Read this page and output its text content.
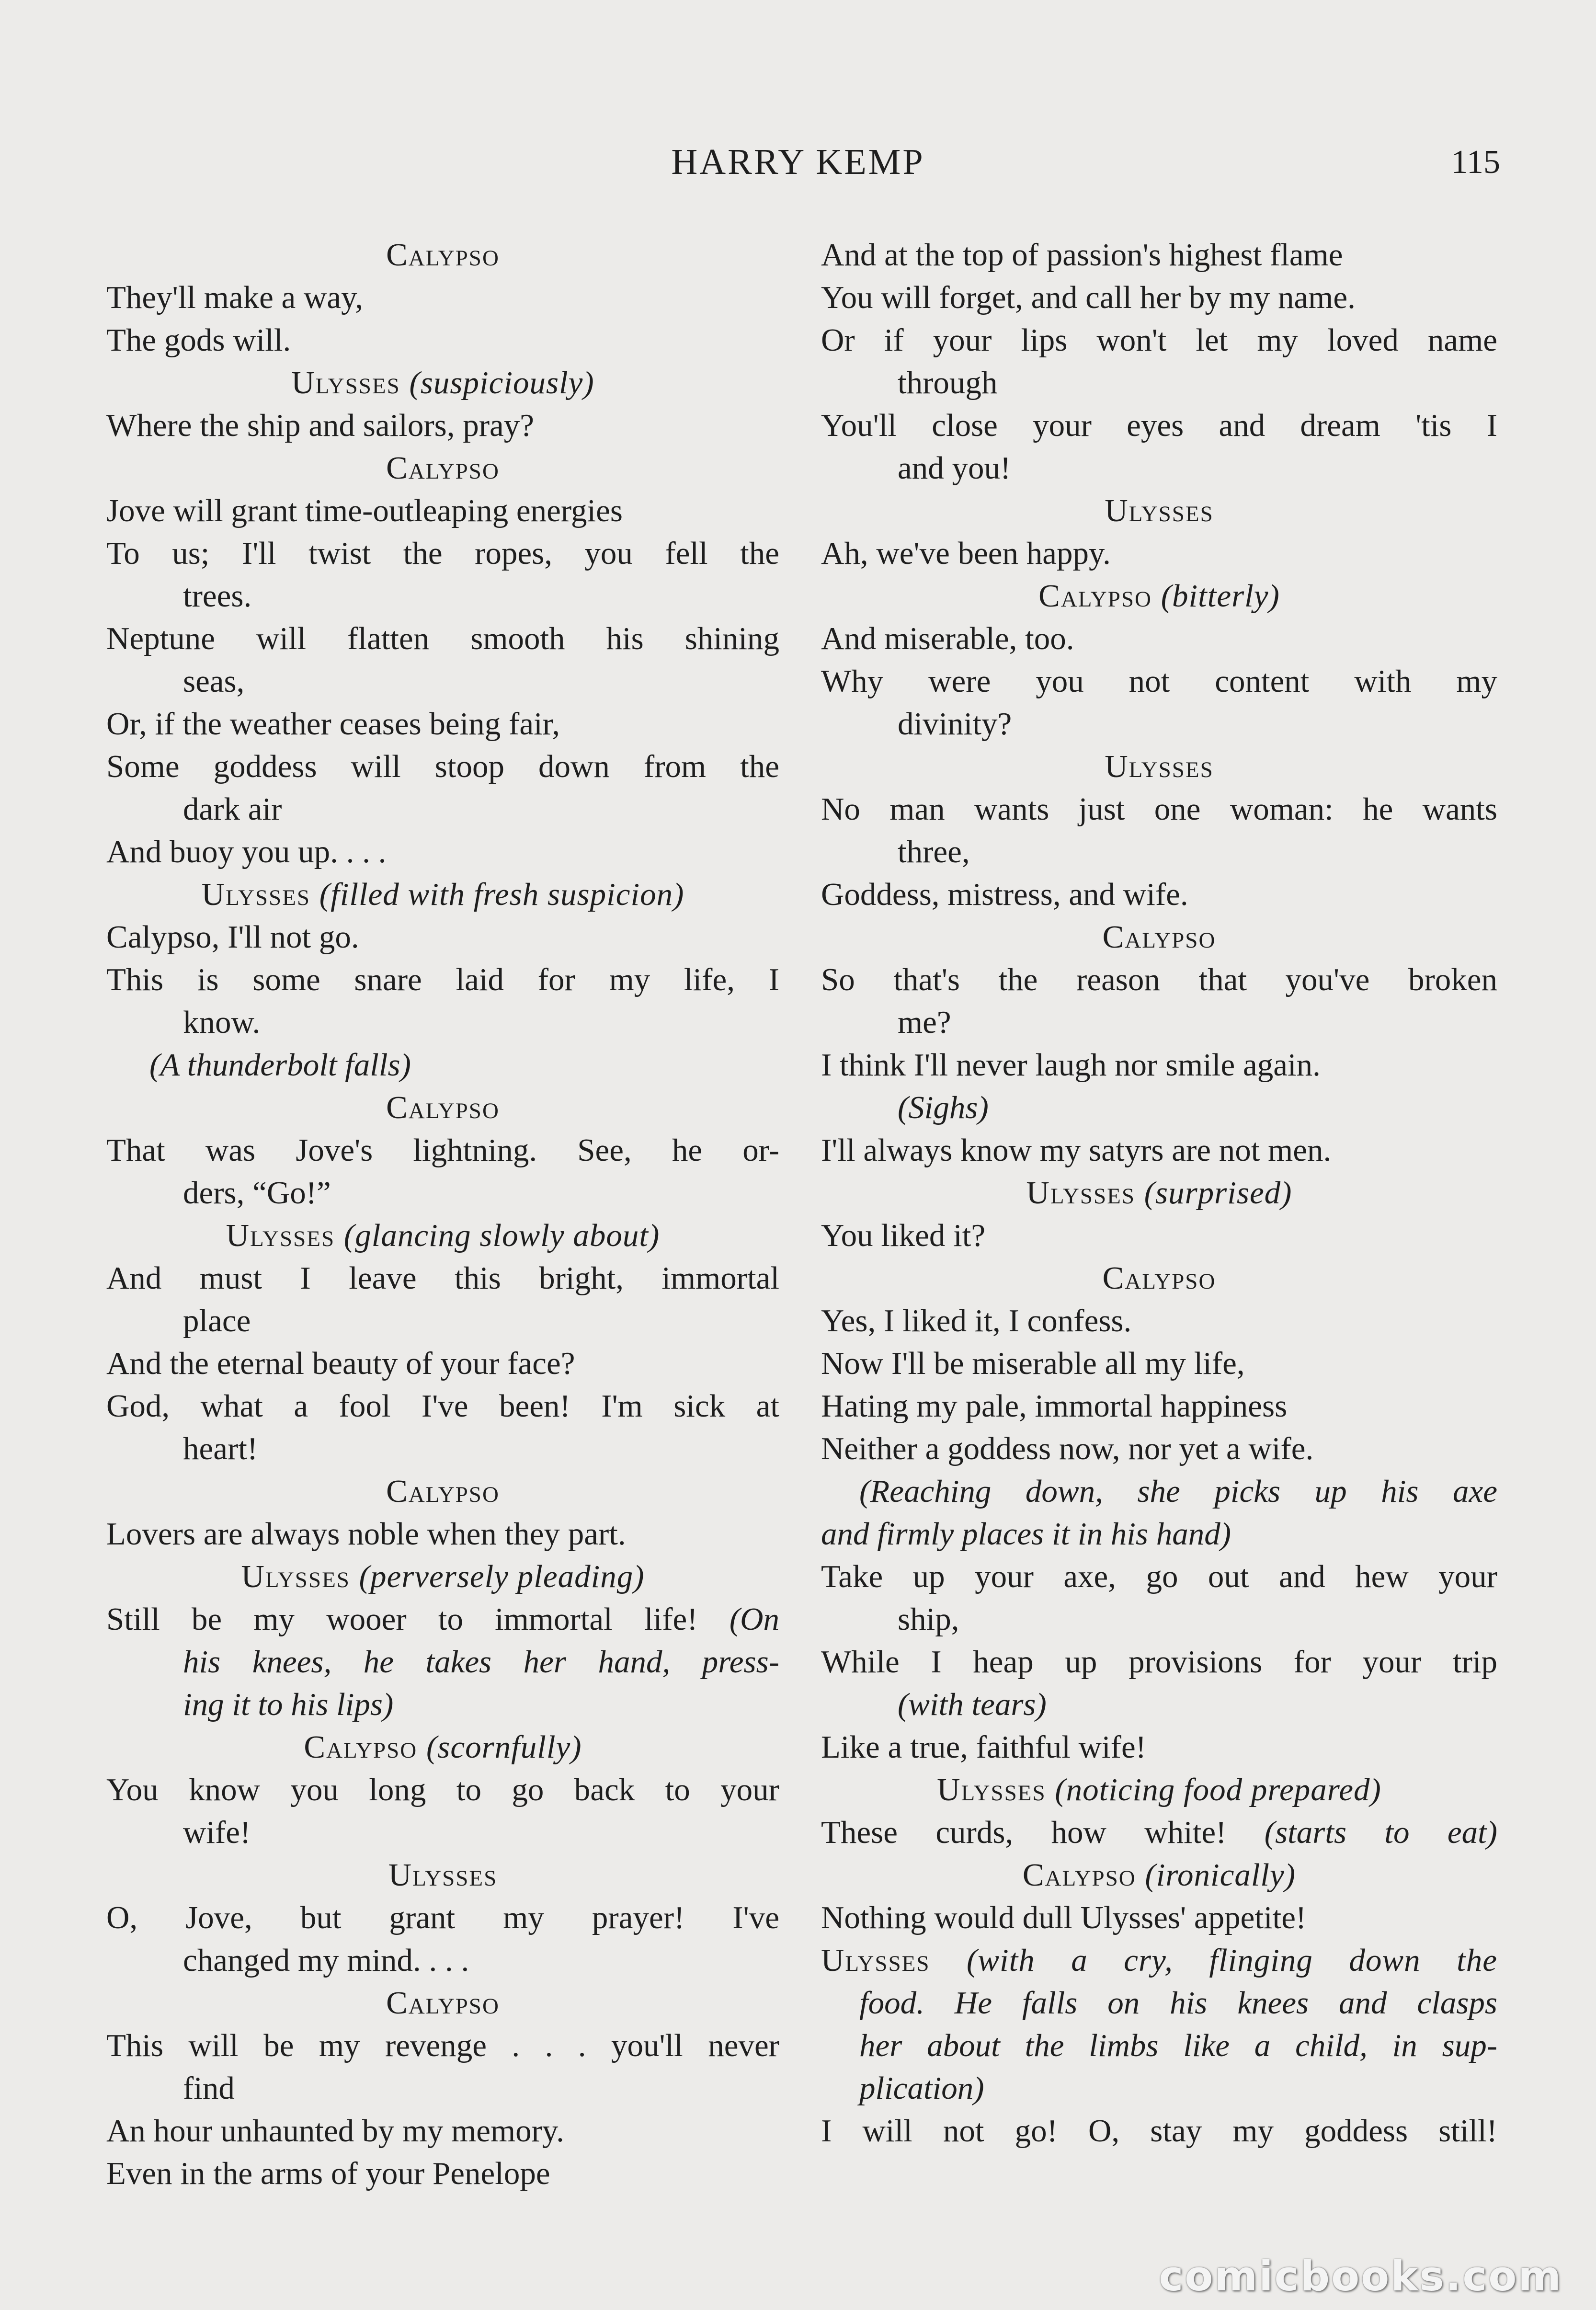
HARRY KEMP	115
Calypso
They'll make a way,
The gods will.
Ulysses (suspiciously)
Where the ship and sailors, pray?
Calypso
Jove will grant time-outleaping energies
To us; I'll twist the ropes, you fell the
trees.
Neptune will flatten smooth his shining
seas,
Or, if the weather ceases being fair,
Some goddess will stoop down from the
dark air
And buoy you up. . . .
Ulysses (filled with fresh suspicion)
Calypso, I'll not go.
This is some snare laid for my life, I
know.
(A thunderbolt falls)
Calypso
That was Jove's lightning. See, he or-
ders, “Go!”
Ulysses (glancing slowly about)
And must I leave this bright, immortal
place
And the eternal beauty of your face?
God, what a fool I've been! I'm sick at
heart!
Calypso
Lovers are always noble when they part.
Ulysses (perversely pleading)
Still be my wooer to immortal life! (On
his knees, he takes her hand, press-
ing it to his lips)
Calypso (scornfully)
You know you long to go back to your
wife!
Ulysses
O, Jove, but grant my prayer! I've
changed my mind. . . .
Calypso
This will be my revenge . . . you'll never
find
An hour unhaunted by my memory.
Even in the arms of your Penelope
And at the top of passion's highest flame
You will forget, and call her by my name.
Or if your lips won't let my loved name
through
You'll close your eyes and dream 'tis I
and you!
Ulysses
Ah, we've been happy.
Calypso (bitterly)
And miserable, too.
Why were you not content with my
divinity?
Ulysses
No man wants just one woman: he wants
three,
Goddess, mistress, and wife.
Calypso
So that's the reason that you've broken
me?
I think I'll never laugh nor smile again.
(Sighs)
I'll always know my satyrs are not men.
Ulysses (surprised)
You liked it?
Calypso
Yes, I liked it, I confess.
Now I'll be miserable all my life,
Hating my pale, immortal happiness
Neither a goddess now, nor yet a wife.
(Reaching down, she picks up his axe
and firmly places it in his hand)
Take up your axe, go out and hew your
ship,
While I heap up provisions for your trip
(with tears)
Like a true, faithful wife!
Ulysses (noticing food prepared)
These curds, how white! (starts to eat)
Calypso (ironically)
Nothing would dull Ulysses' appetite!
Ulysses (with a cry, flinging down the
food. He falls on his knees and clasps
her about the limbs like a child, in sup-
plication)
I will not go! O, stay my goddess still!
comicbooks.com
